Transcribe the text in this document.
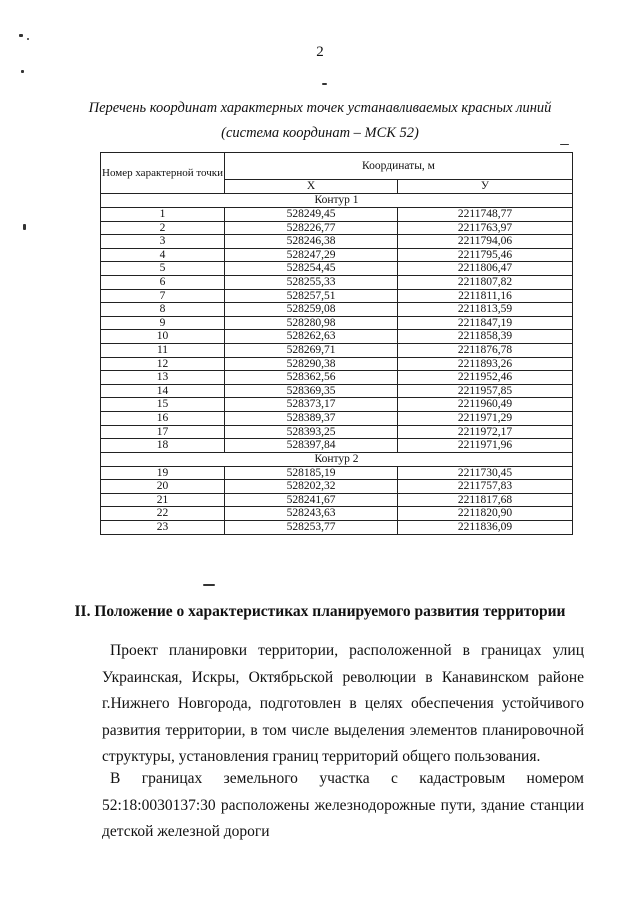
2
Перечень координат характерных точек устанавливаемых красных линий
(система координат – МСК 52)
Номер характерной точки	Координаты, м	
	X	У
Контур 1		
1	528249,45	2211748,77
2	528226,77	2211763,97
3	528246,38	2211794,06
4	528247,29	2211795,46
5	528254,45	2211806,47
6	528255,33	2211807,82
7	528257,51	2211811,16
8	528259,08	2211813,59
9	528280,98	2211847,19
10	528262,63	2211858,39
11	528269,71	2211876,78
12	528290,38	2211893,26
13	528362,56	2211952,46
14	528369,35	2211957,85
15	528373,17	2211960,49
16	528389,37	2211971,29
17	528393,25	2211972,17
18	528397,84	2211971,96
Контур 2		
19	528185,19	2211730,45
20	528202,32	2211757,83
21	528241,67	2211817,68
22	528243,63	2211820,90
23	528253,77	2211836,09
II. Положение о характеристиках планируемого развития территории
Проект планировки территории, расположенной в границах улиц Украинская, Искры, Октябрьской революции в Канавинском районе г.Нижнего Новгорода, подготовлен в целях обеспечения устойчивого развития территории, в том числе выделения элементов планировочной структуры, установления границ территорий общего пользования.
В границах земельного участка с кадастровым номером 52:18:0030137:30 расположены железнодорожные пути, здание станции детской железной дороги
